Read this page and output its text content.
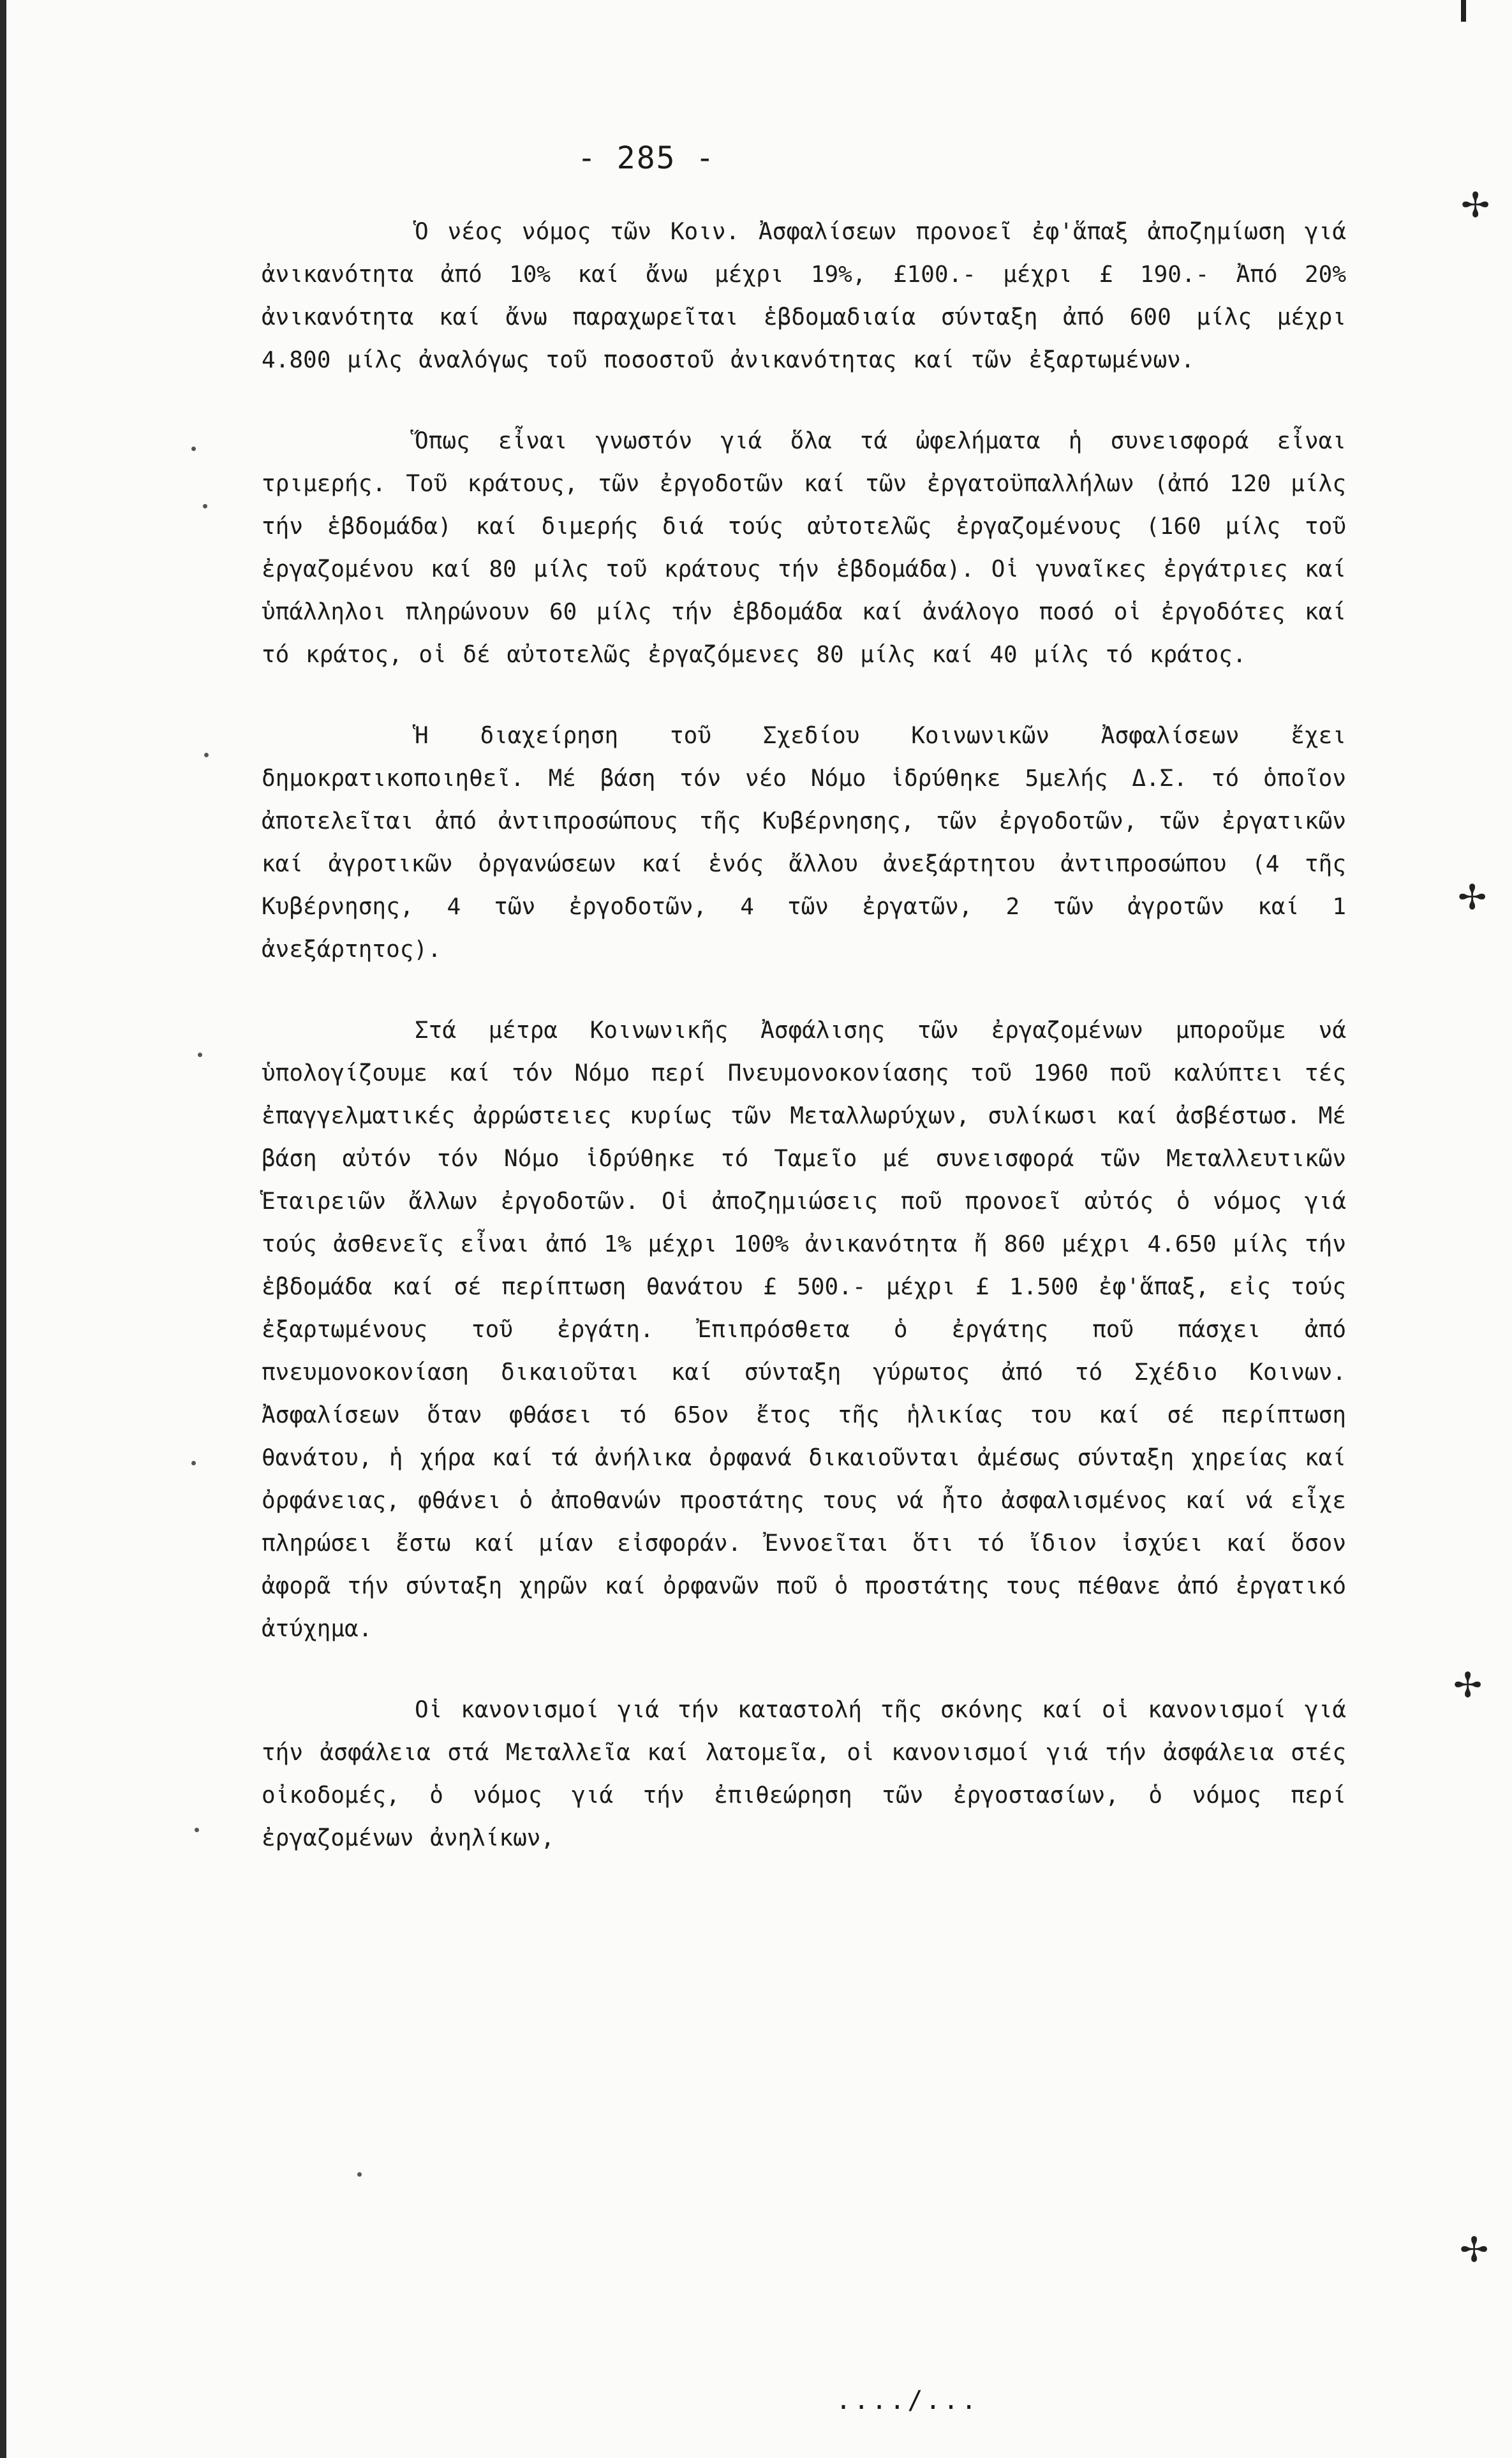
- 285 -

Ὁ νέος νόμος τῶν Κοιν. Ἀσφαλίσεων προνοεῖ ἐφ'ἅπαξ ἀποζημίωση γιά ἀνικανότητα ἀπό 10% καί ἄνω μέχρι 19%, £100.- μέχρι £ 190.- Ἀπό 20% ἀνικανότητα καί ἄνω παραχωρεῖται ἑβδομαδιαία σύνταξη ἀπό 600 μίλς μέχρι 4.800 μίλς ἀναλόγως τοῦ ποσοστοῦ ἀνικανότητας καί τῶν ἐξαρτωμένων.

Ὅπως εἶναι γνωστόν γιά ὅλα τά ὠφελήματα ἡ συνεισφορά εἶναι τριμερής. Τοῦ κράτους, τῶν ἐργοδοτῶν καί τῶν ἐργατοϋπαλλήλων (ἀπό 120 μίλς τήν ἑβδομάδα) καί διμερής διά τούς αὐτοτελῶς ἐργαζομένους (160 μίλς τοῦ ἐργαζομένου καί 80 μίλς τοῦ κράτους τήν ἑβδομάδα). Οἱ γυναῖκες ἐργάτριες καί ὑπάλληλοι πληρώνουν 60 μίλς τήν ἑβδομάδα καί ἀνάλογο ποσό οἱ ἐργοδότες καί τό κράτος, οἱ δέ αὐτοτελῶς ἐργαζόμενες 80 μίλς καί 40 μίλς τό κράτος.

Ἡ διαχείρηση τοῦ Σχεδίου Κοινωνικῶν Ἀσφαλίσεων ἔχει δημοκρατικοποιηθεῖ. Μέ βάση τόν νέο Νόμο ἱδρύθηκε 5μελής Δ.Σ. τό ὁποῖον ἀποτελεῖται ἀπό ἀντιπροσώπους τῆς Κυβέρνησης, τῶν ἐργοδοτῶν, τῶν ἐργατικῶν καί ἀγροτικῶν ὀργανώσεων καί ἑνός ἄλλου ἀνεξάρτητου ἀντιπροσώπου (4 τῆς Κυβέρνησης, 4 τῶν ἐργοδοτῶν, 4 τῶν ἐργατῶν, 2 τῶν ἀγροτῶν καί 1 ἀνεξάρτητος).

Στά μέτρα Κοινωνικῆς Ἀσφάλισης τῶν ἐργαζομένων μποροῦμε νά ὑπολογίζουμε καί τόν Νόμο περί Πνευμονοκονίασης τοῦ 1960 ποῦ καλύπτει τές ἐπαγγελματικές ἀρρώστειες κυρίως τῶν Μεταλλωρύχων, συλίκωσι καί ἀσβέστωσ. Μέ βάση αὐτόν τόν Νόμο ἱδρύθηκε τό Ταμεῖο μέ συνεισφορά τῶν Μεταλλευτικῶν Ἑταιρειῶν ἄλλων ἐργοδοτῶν. Οἱ ἀποζημιώσεις ποῦ προνοεῖ αὐτός ὁ νόμος γιά τούς ἀσθενεῖς εἶναι ἀπό 1% μέχρι 100% ἀνικανότητα ἤ 860 μέχρι 4.650 μίλς τήν ἑβδομάδα καί σέ περίπτωση θανάτου £ 500.- μέχρι £ 1.500 ἐφ'ἅπαξ, εἰς τούς ἐξαρτωμένους τοῦ ἐργάτη. Ἐπιπρόσθετα ὁ ἐργάτης ποῦ πάσχει ἀπό πνευμονοκονίαση δικαιοῦται καί σύνταξη γύρωτος ἀπό τό Σχέδιο Κοινων. Ἀσφαλίσεων ὅταν φθάσει τό 65ον ἔτος τῆς ἡλικίας του καί σέ περίπτωση θανάτου, ἡ χήρα καί τά ἀνήλικα ὀρφανά δικαιοῦνται ἀμέσως σύνταξη χηρείας καί ὀρφάνειας, φθάνει ὁ ἀποθανών προστάτης τους νά ἦτο ἀσφαλισμένος καί νά εἶχε πληρώσει ἔστω καί μίαν εἰσφοράν. Ἐννοεῖται ὅτι τό ἴδιον ἰσχύει καί ὅσον ἀφορᾶ τήν σύνταξη χηρῶν καί ὀρφανῶν ποῦ ὁ προστάτης τους πέθανε ἀπό ἐργατικό ἀτύχημα.

Οἱ κανονισμοί γιά τήν καταστολή τῆς σκόνης καί οἱ κανονισμοί γιά τήν ἀσφάλεια στά Μεταλλεῖα καί λατομεῖα, οἱ κανονισμοί γιά τήν ἀσφάλεια στές οἰκοδομές, ὁ νόμος γιά τήν ἐπιθεώρηση τῶν ἐργοστασίων, ὁ νόμος περί ἐργαζομένων ἀνηλίκων,

..../...
✢
✢
✢
✢
